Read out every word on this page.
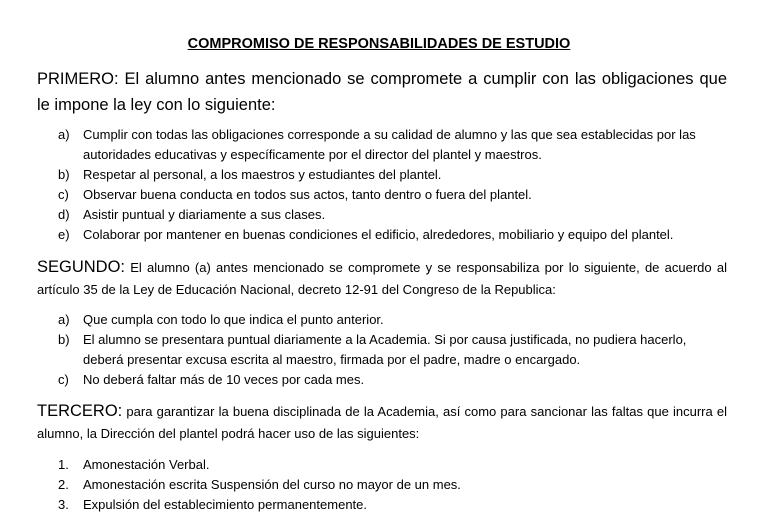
COMPROMISO DE RESPONSABILIDADES DE ESTUDIO
PRIMERO: El alumno antes mencionado se compromete a cumplir con las obligaciones que le impone la ley con lo siguiente:
a) Cumplir con todas las obligaciones corresponde a su calidad de alumno y las que sea establecidas por las autoridades educativas y específicamente por el director del plantel y maestros.
b) Respetar al personal, a los maestros y estudiantes del plantel.
c) Observar buena conducta en todos sus actos, tanto dentro o fuera del plantel.
d) Asistir puntual y diariamente a sus clases.
e) Colaborar por mantener en buenas condiciones el edificio, alrededores, mobiliario y equipo del plantel.
SEGUNDO: El alumno (a) antes mencionado se compromete y se responsabiliza por lo siguiente, de acuerdo al artículo 35 de la Ley de Educación Nacional, decreto 12-91 del Congreso de la Republica:
a) Que cumpla con todo lo que indica el punto anterior.
b) El alumno se presentara puntual diariamente a la Academia. Si por causa justificada, no pudiera hacerlo, deberá presentar excusa escrita al maestro, firmada por el padre, madre o encargado.
c) No deberá faltar más de 10 veces por cada mes.
TERCERO: para garantizar la buena disciplinada de la Academia, así como para sancionar las faltas que incurra el alumno, la Dirección del plantel podrá hacer uso de las siguientes:
1. Amonestación Verbal.
2. Amonestación escrita Suspensión del curso no mayor de un mes.
3. Expulsión del establecimiento permanentemente.
